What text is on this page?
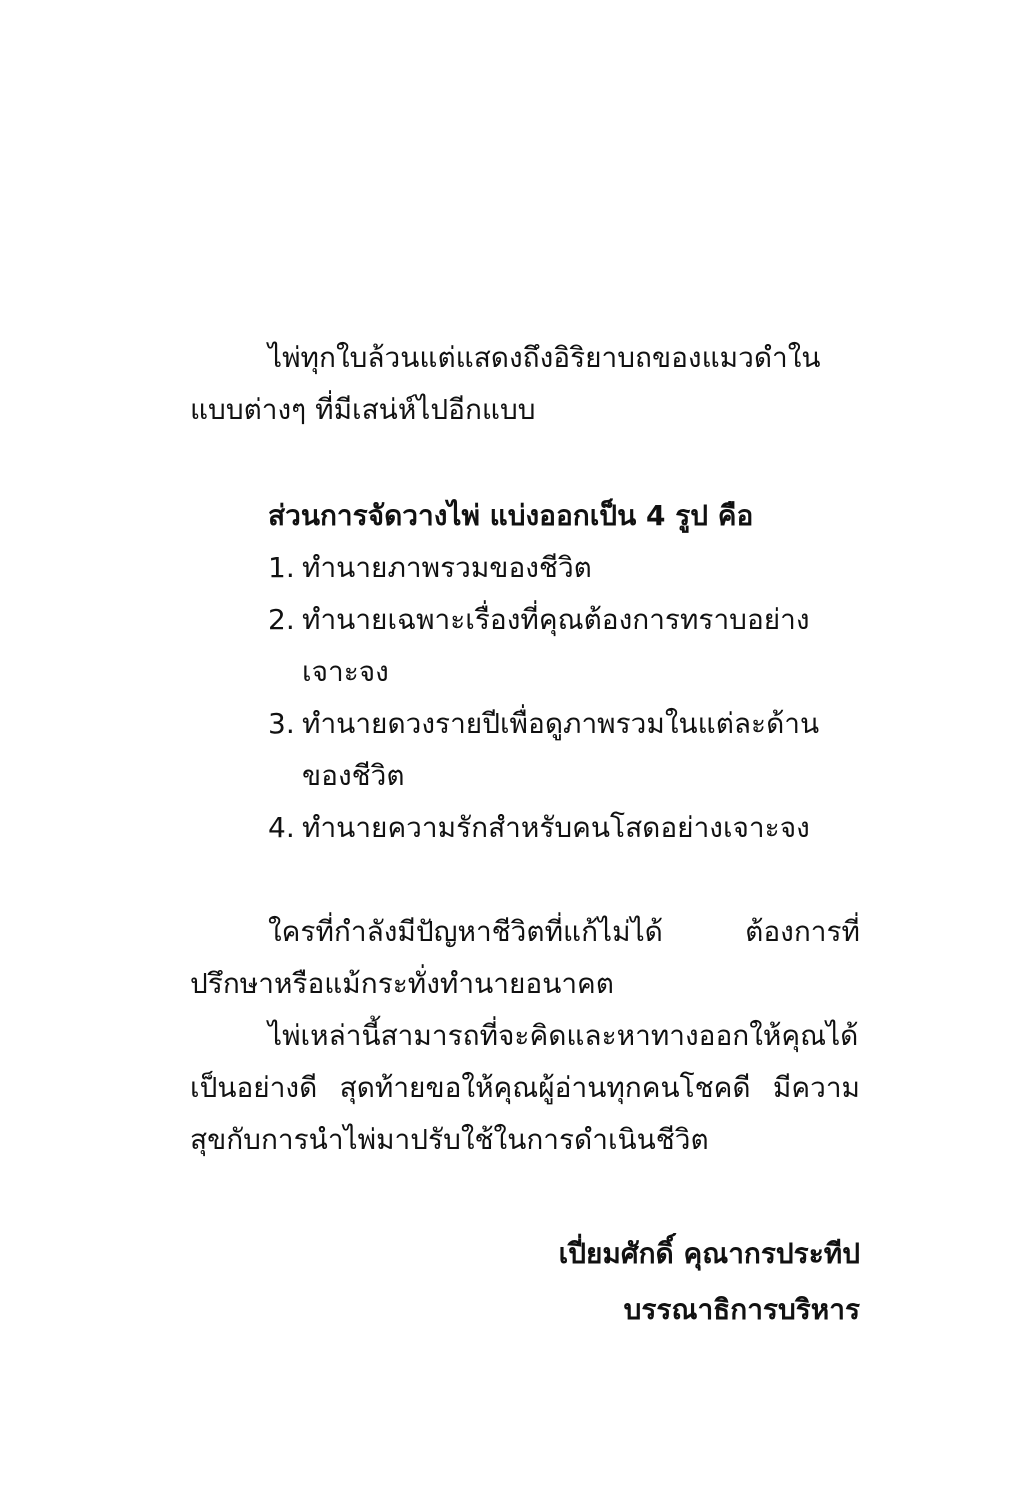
ไพ่ทุกใบล้วนแต่แสดงถึงอิริยาบถของแมวดำในแบบต่างๆ ที่มีเสน่ห์ไปอีกแบบ

ส่วนการจัดวางไพ่ แบ่งออกเป็น 4 รูป คือ

1. ทำนายภาพรวมของชีวิต
2. ทำนายเฉพาะเรื่องที่คุณต้องการทราบอย่างเจาะจง
3. ทำนายดวงรายปีเพื่อดูภาพรวมในแต่ละด้านของชีวิต
4. ทำนายความรักสำหรับคนโสดอย่างเจาะจง

ใครที่กำลังมีปัญหาชีวิตที่แก้ไม่ได้ ต้องการที่ปรึกษาหรือแม้กระทั่งทำนายอนาคต

ไพ่เหล่านี้สามารถที่จะคิดและหาทางออกให้คุณได้เป็นอย่างดี สุดท้ายขอให้คุณผู้อ่านทุกคนโชคดี มีความสุขกับการนำไพ่มาปรับใช้ในการดำเนินชีวิต

เปี่ยมศักดิ์ คุณากรประทีป

บรรณาธิการบริหาร
